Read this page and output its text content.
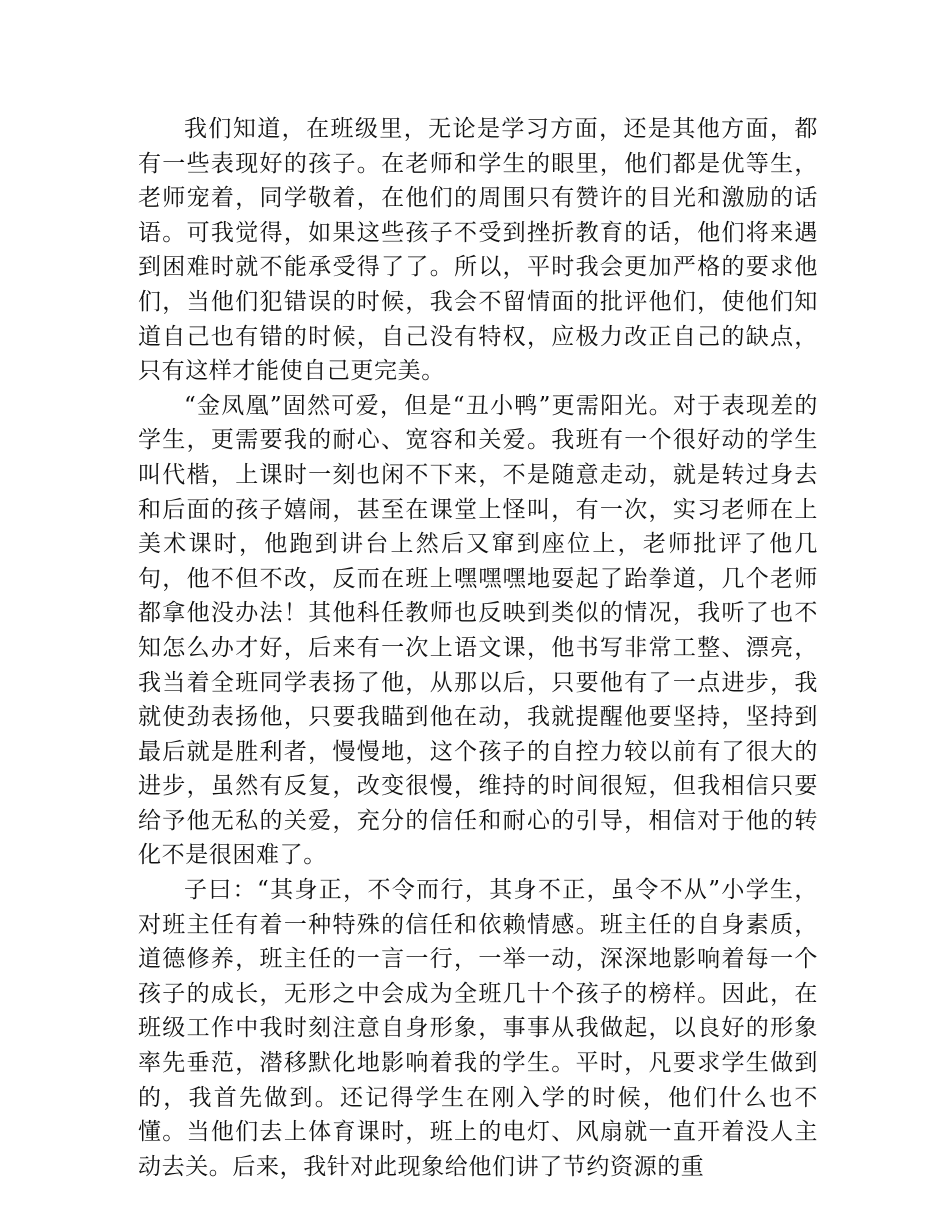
我们知道，在班级里，无论是学习方面，还是其他方面，都有一些表现好的孩子。在老师和学生的眼里，他们都是优等生，老师宠着，同学敬着，在他们的周围只有赞许的目光和激励的话语。可我觉得，如果这些孩子不受到挫折教育的话，他们将来遇到困难时就不能承受得了了。所以，平时我会更加严格的要求他们，当他们犯错误的时候，我会不留情面的批评他们，使他们知道自己也有错的时候，自己没有特权，应极力改正自己的缺点，只有这样才能使自己更完美。

“金凤凰”固然可爱，但是“丑小鸭”更需阳光。对于表现差的学生，更需要我的耐心、宽容和关爱。我班有一个很好动的学生叫代楷，上课时一刻也闲不下来，不是随意走动，就是转过身去和后面的孩子嬉闹，甚至在课堂上怪叫，有一次，实习老师在上美术课时，他跑到讲台上然后又窜到座位上，老师批评了他几句，他不但不改，反而在班上嘿嘿嘿地耍起了跆拳道，几个老师都拿他没办法！其他科任教师也反映到类似的情况，我听了也不知怎么办才好，后来有一次上语文课，他书写非常工整、漂亮，我当着全班同学表扬了他，从那以后，只要他有了一点进步，我就使劲表扬他，只要我瞄到他在动，我就提醒他要坚持，坚持到最后就是胜利者，慢慢地，这个孩子的自控力较以前有了很大的进步，虽然有反复，改变很慢，维持的时间很短，但我相信只要给予他无私的关爱，充分的信任和耐心的引导，相信对于他的转化不是很困难了。

子曰：“其身正，不令而行，其身不正，虽令不从”小学生，对班主任有着一种特殊的信任和依赖情感。班主任的自身素质，道德修养，班主任的一言一行，一举一动，深深地影响着每一个孩子的成长，无形之中会成为全班几十个孩子的榜样。因此，在班级工作中我时刻注意自身形象，事事从我做起，以良好的形象率先垂范，潜移默化地影响着我的学生。平时，凡要求学生做到的，我首先做到。还记得学生在刚入学的时候，他们什么也不懂。当他们去上体育课时，班上的电灯、风扇就一直开着没人主动去关。后来，我针对此现象给他们讲了节约资源的重
